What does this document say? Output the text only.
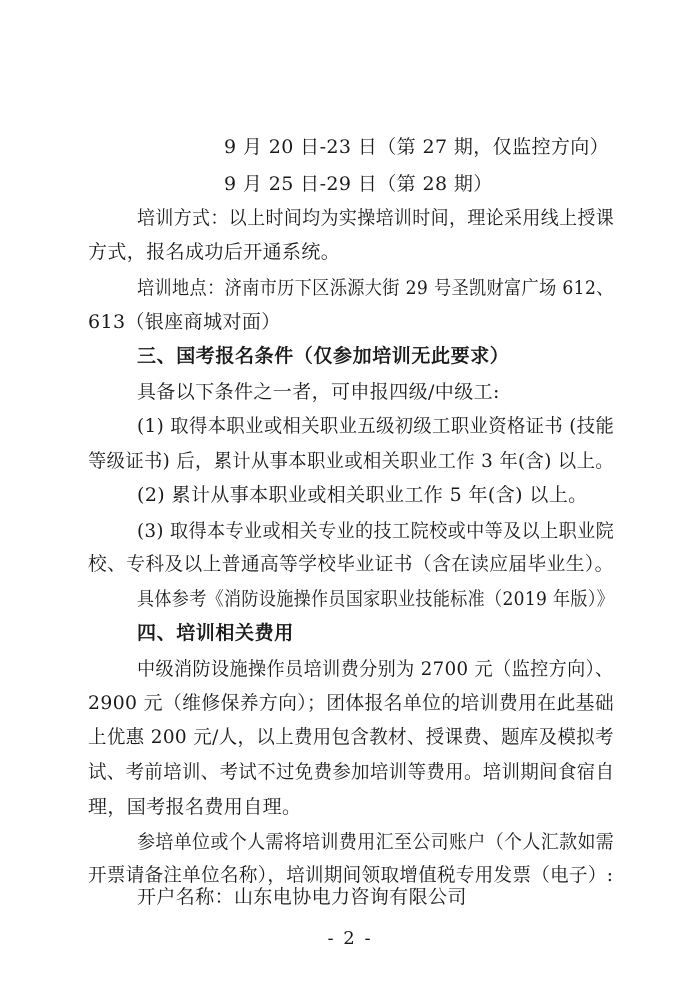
9 月 20 日-23 日（第 27 期，仅监控方向）
9 月 25 日-29 日（第 28 期）
培训方式：以上时间均为实操培训时间，理论采用线上授课
方式，报名成功后开通系统。
培训地点：济南市历下区泺源大街 29 号圣凯财富广场 612、
613（银座商城对面）
三、国考报名条件（仅参加培训无此要求）
具备以下条件之一者，可申报四级/中级工:
(1) 取得本职业或相关职业五级初级工职业资格证书 (技能
等级证书) 后，累计从事本职业或相关职业工作 3 年(含) 以上。
(2) 累计从事本职业或相关职业工作 5 年(含) 以上。
(3) 取得本专业或相关专业的技工院校或中等及以上职业院
校、专科及以上普通高等学校毕业证书（含在读应届毕业生）。
具体参考《消防设施操作员国家职业技能标准（2019 年版）》
四、培训相关费用
中级消防设施操作员培训费分别为 2700 元（监控方向）、
2900 元（维修保养方向）；团体报名单位的培训费用在此基础
上优惠 200 元/人，以上费用包含教材、授课费、题库及模拟考
试、考前培训、考试不过免费参加培训等费用。培训期间食宿自
理，国考报名费用自理。
参培单位或个人需将培训费用汇至公司账户（个人汇款如需
开票请备注单位名称），培训期间领取增值税专用发票（电子）:
开户名称：山东电协电力咨询有限公司
- 2 -
